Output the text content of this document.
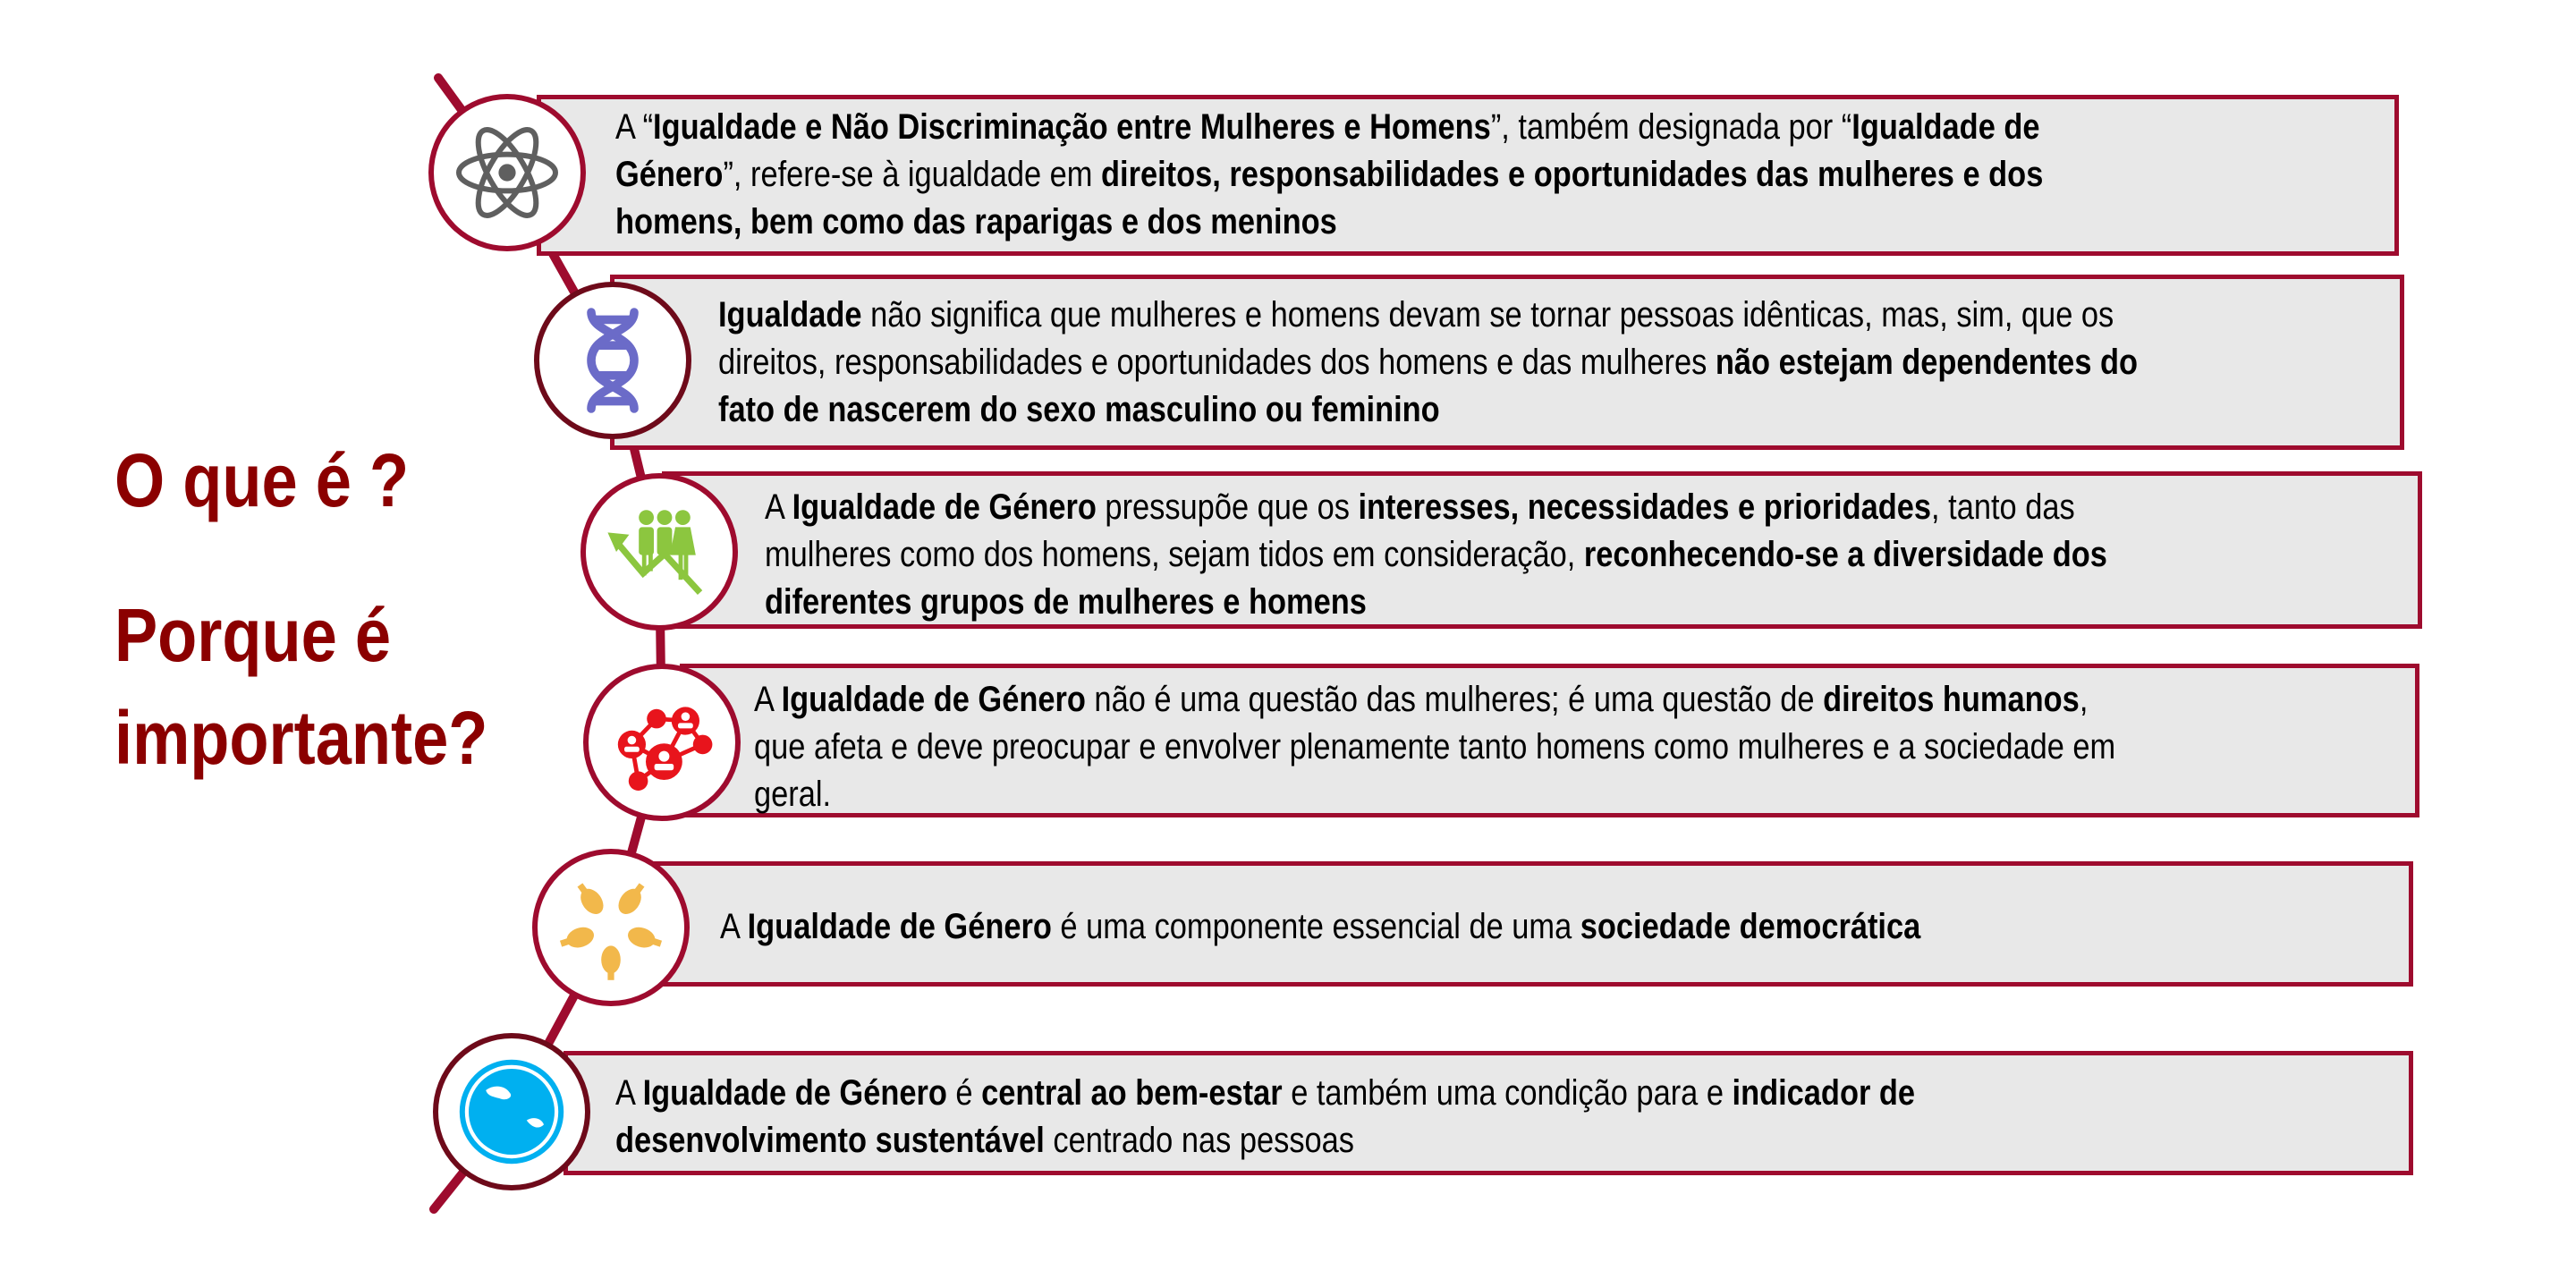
O que é ?
Porque é
importante?
A “Igualdade e Não Discriminação entre Mulheres e Homens”, também designada por “Igualdade de
Género”, refere-se à igualdade em direitos, responsabilidades e oportunidades das mulheres e dos
homens, bem como das raparigas e dos meninos
Igualdade não significa que mulheres e homens devam se tornar pessoas idênticas, mas, sim, que os
direitos, responsabilidades e oportunidades dos homens e das mulheres não estejam dependentes do
fato de nascerem do sexo masculino ou feminino
A Igualdade de Género pressupõe que os interesses, necessidades e prioridades, tanto das
mulheres como dos homens, sejam tidos em consideração, reconhecendo-se a diversidade dos
diferentes grupos de mulheres e homens
A Igualdade de Género não é uma questão das mulheres; é uma questão de direitos humanos,
que afeta e deve preocupar e envolver plenamente tanto homens como mulheres e a sociedade em
geral.
A Igualdade de Género é uma componente essencial de uma sociedade democrática
A Igualdade de Género é central ao bem-estar e também uma condição para e indicador de
desenvolvimento sustentável centrado nas pessoas
